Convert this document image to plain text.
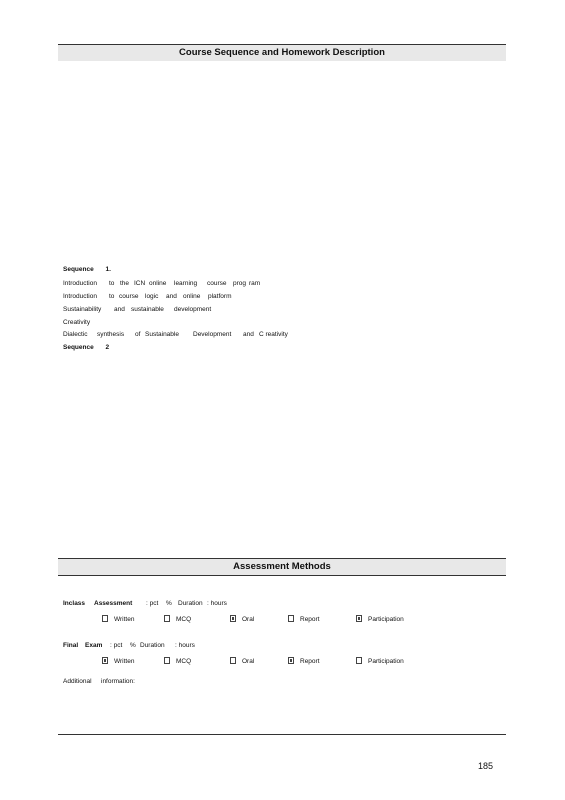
Course Sequence and Homework Description
Sequence 1.
Introduction to the ICN online learning course prog ram
Introduction to course logic and online platform
Sustainability and sustainable development
Creativity
Dialectic synthesis of Sustainable Development and C reativity
Sequence 2
Assessment Methods
Inclass Assessment : pct % Duration : hours
Written	MCQ	Oral	Report	Participation
Final Exam : pct % Duration : hours
Written	MCQ	Oral	Report	Participation
Additional information:
185
